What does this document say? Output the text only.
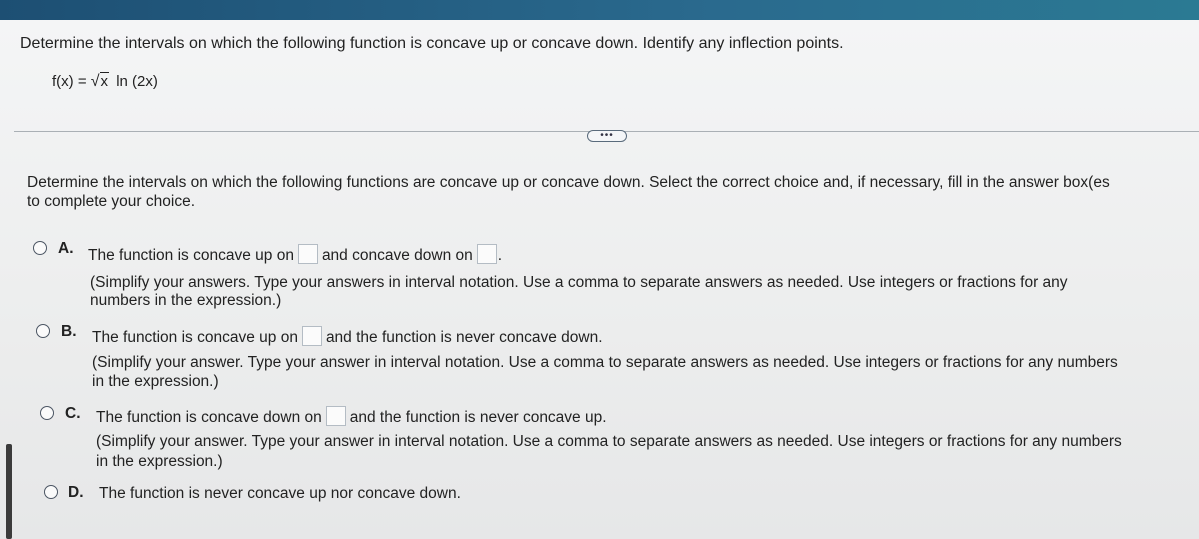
Determine the intervals on which the following function is concave up or concave down. Identify any inflection points.
f(x) = √x ln (2x)
•••
Determine the intervals on which the following functions are concave up or concave down. Select the correct choice and, if necessary, fill in the answer box(es
to complete your choice.
A. The function is concave up on and concave down on .
(Simplify your answers. Type your answers in interval notation. Use a comma to separate answers as needed. Use integers or fractions for any
numbers in the expression.)
B. The function is concave up on and the function is never concave down.
(Simplify your answer. Type your answer in interval notation. Use a comma to separate answers as needed. Use integers or fractions for any numbers
in the expression.)
C. The function is concave down on and the function is never concave up.
(Simplify your answer. Type your answer in interval notation. Use a comma to separate answers as needed. Use integers or fractions for any numbers
in the expression.)
D. The function is never concave up nor concave down.
